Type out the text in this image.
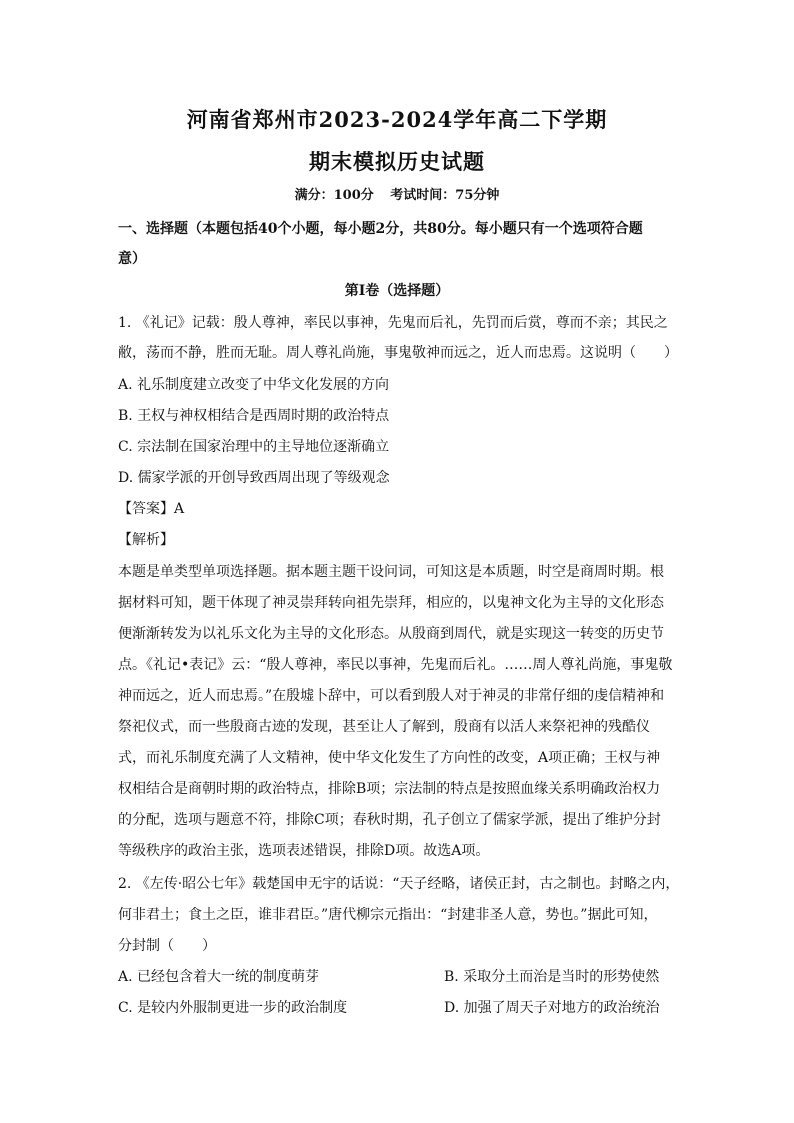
河南省郑州市2023-2024学年高二下学期
期末模拟历史试题
满分：100分 考试时间：75分钟
一、选择题（本题包括40个小题，每小题2分，共80分。每小题只有一个选项符合题
意）
第I卷（选择题）
1. 《礼记》记载：殷人尊神，率民以事神，先鬼而后礼，先罚而后赏，尊而不亲；其民之
敝，荡而不静，胜而无耻。周人尊礼尚施，事鬼敬神而远之，近人而忠焉。这说明（　　）
A. 礼乐制度建立改变了中华文化发展的方向
B. 王权与神权相结合是西周时期的政治特点
C. 宗法制在国家治理中的主导地位逐渐确立
D. 儒家学派的开创导致西周出现了等级观念
【答案】A
【解析】
本题是单类型单项选择题。据本题主题干设问词，可知这是本质题，时空是商周时期。根
据材料可知，题干体现了神灵崇拜转向祖先崇拜，相应的，以鬼神文化为主导的文化形态
便渐渐转发为以礼乐文化为主导的文化形态。从殷商到周代，就是实现这一转变的历史节
点。《礼记•表记》云：“殷人尊神，率民以事神，先鬼而后礼。……周人尊礼尚施，事鬼敬
神而远之，近人而忠焉。”在殷墟卜辞中，可以看到殷人对于神灵的非常仔细的虔信精神和
祭祀仪式，而一些殷商古迹的发现，甚至让人了解到，殷商有以活人来祭祀神的残酷仪
式，而礼乐制度充满了人文精神，使中华文化发生了方向性的改变，A项正确；王权与神
权相结合是商朝时期的政治特点，排除B项；宗法制的特点是按照血缘关系明确政治权力
的分配，选项与题意不符，排除C项；春秋时期，孔子创立了儒家学派，提出了维护分封
等级秩序的政治主张，选项表述错误，排除D项。故选A项。
2. 《左传·昭公七年》载楚国申无宇的话说：“天子经略，诸侯正封，古之制也。封略之内，
何非君土；食土之臣，谁非君臣。”唐代柳宗元指出：“封建非圣人意，势也。”据此可知，
分封制（　　）
A. 已经包含着大一统的制度萌芽	B. 采取分土而治是当时的形势使然
C. 是较内外服制更进一步的政治制度	D. 加强了周天子对地方的政治统治
